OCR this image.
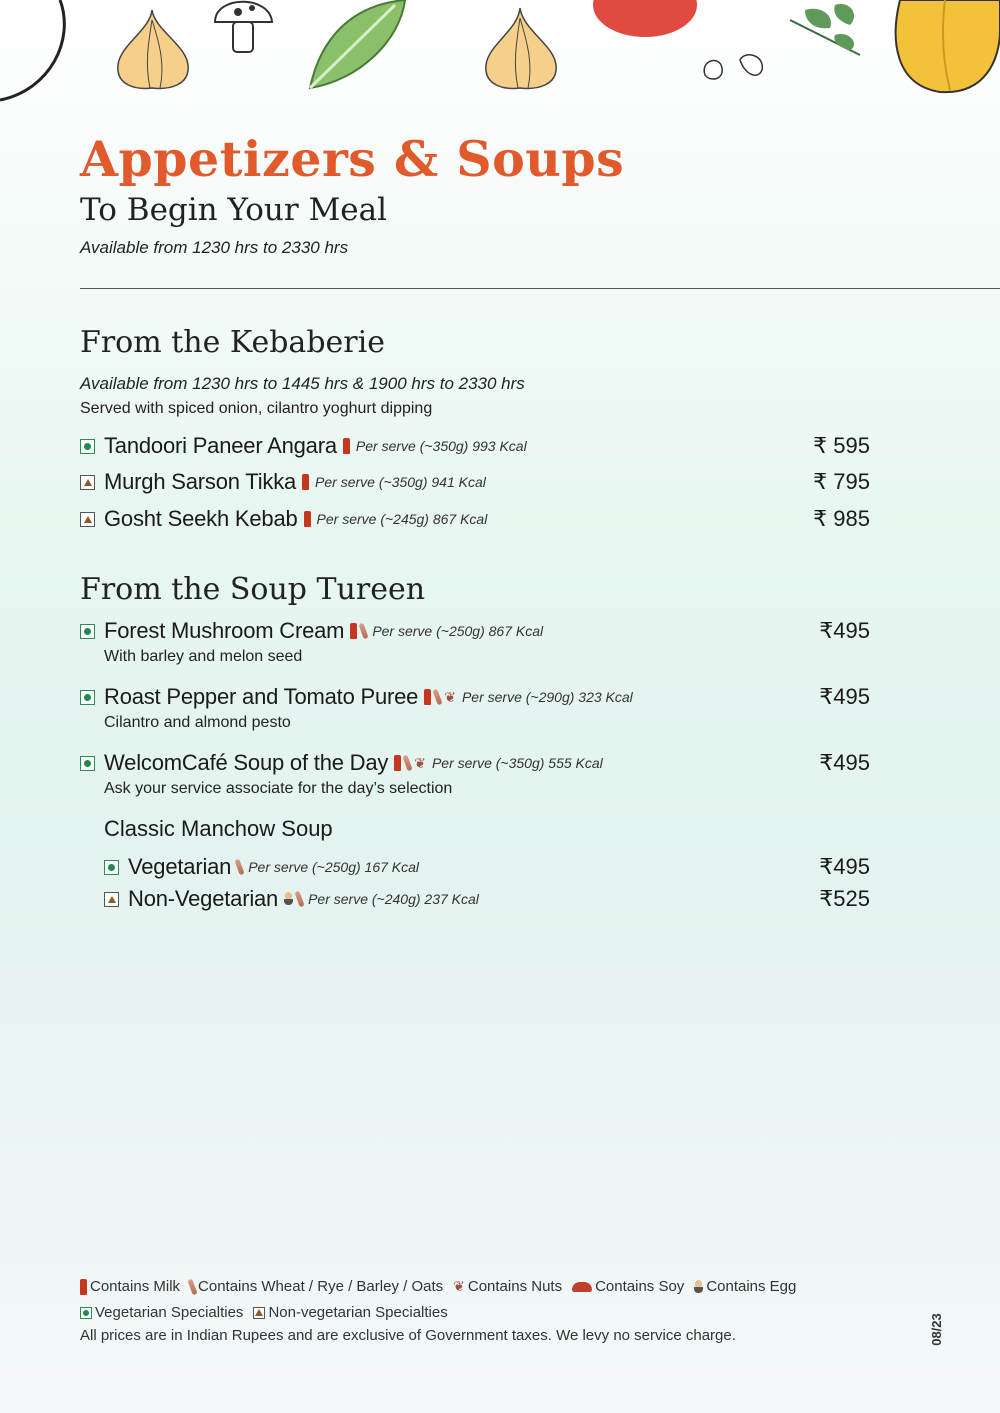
Appetizers & Soups
To Begin Your Meal
Available from 1230 hrs to 2330 hrs
From the Kebaberie
Available from 1230 hrs to 1445 hrs & 1900 hrs to 2330 hrs
Served with spiced onion, cilantro yoghurt dipping
Tandoori Paneer Angara Per serve (~350g) 993 Kcal	₹ 595
Murgh Sarson Tikka Per serve (~350g) 941 Kcal	₹ 795
Gosht Seekh Kebab Per serve (~245g) 867 Kcal	₹ 985
From the Soup Tureen
Forest Mushroom Cream Per serve (~250g) 867 Kcal	₹495
With barley and melon seed
Roast Pepper and Tomato Puree ❦ Per serve (~290g) 323 Kcal	₹495
Cilantro and almond pesto
WelcomCafé Soup of the Day ❦ Per serve (~350g) 555 Kcal	₹495
Ask your service associate for the day’s selection
Classic Manchow Soup
Vegetarian Per serve (~250g) 167 Kcal	₹495
Non-Vegetarian Per serve (~240g) 237 Kcal	₹525
Contains Milk Contains Wheat / Rye / Barley / Oats ❦ Contains Nuts Contains Soy Contains Egg
Vegetarian Specialties Non-vegetarian Specialties
All prices are in Indian Rupees and are exclusive of Government taxes. We levy no service charge.	08/23
